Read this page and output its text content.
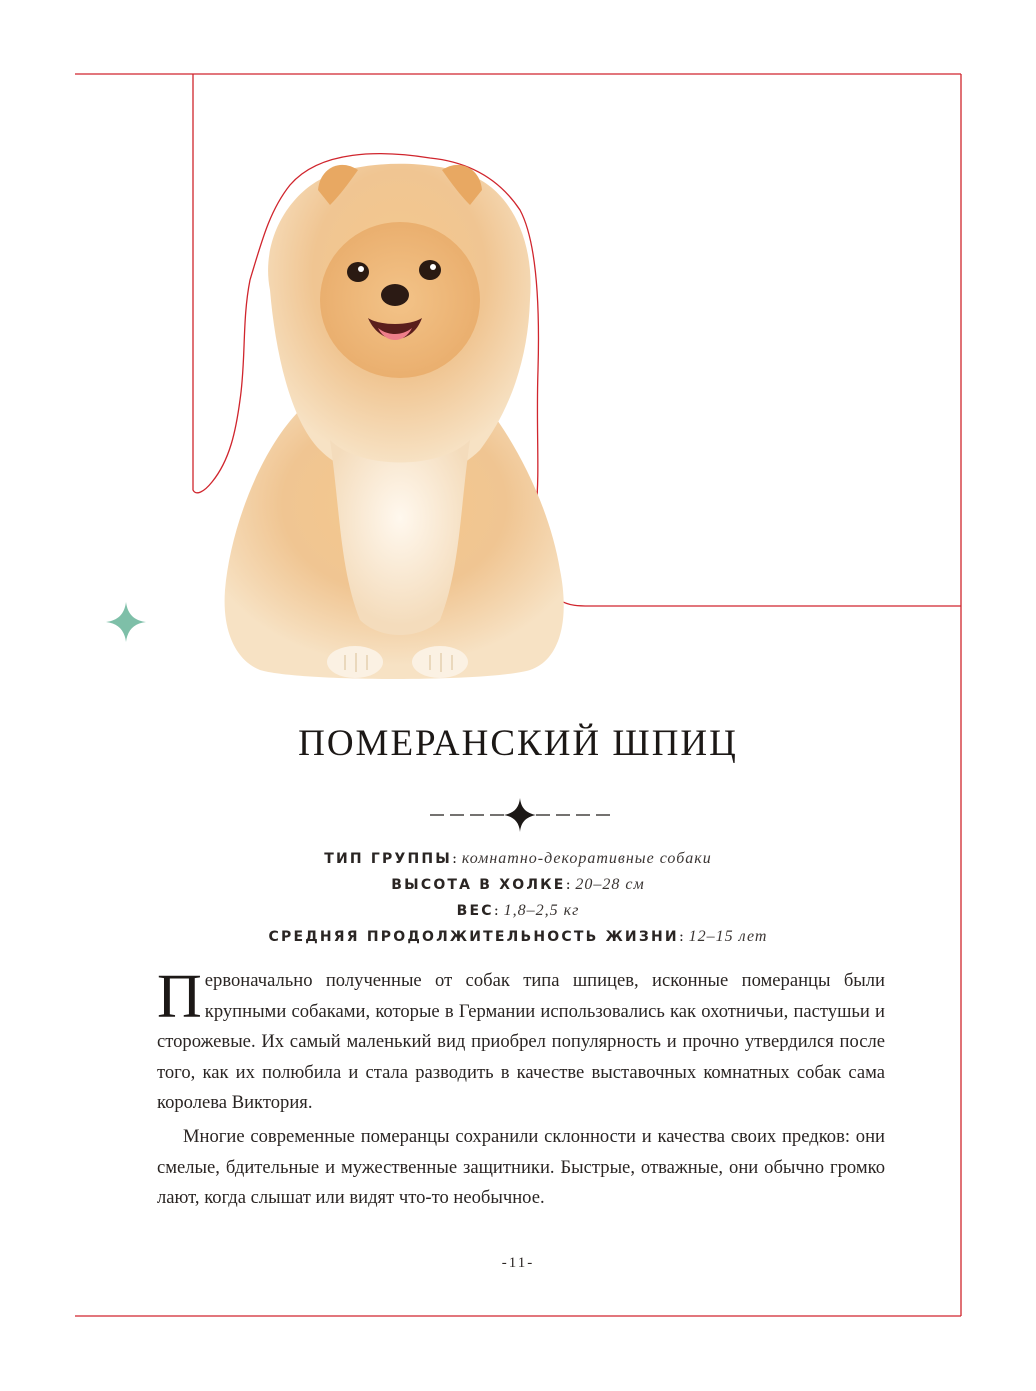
ПОМЕРАНСКИЙ ШПИЦ
ТИП ГРУППЫ: комнатно-декоративные собаки
ВЫСОТА В ХОЛКЕ: 20–28 см
ВЕС: 1,8–2,5 кг
СРЕДНЯЯ ПРОДОЛЖИТЕЛЬНОСТЬ ЖИЗНИ: 12–15 лет

Первоначально полученные от собак типа шпицев, исконные померанцы были крупными собаками, которые в Германии использовались как охотничьи, пастушьи и сторожевые. Их самый маленький вид приобрел популярность и прочно утвердился после того, как их полюбила и стала разводить в качестве выставочных комнатных собак сама королева Виктория.

Многие современные померанцы сохранили склонности и качества своих предков: они смелые, бдительные и мужественные защитники. Быстрые, отважные, они обычно громко лают, когда слышат или видят что-то необычное.

-11-
